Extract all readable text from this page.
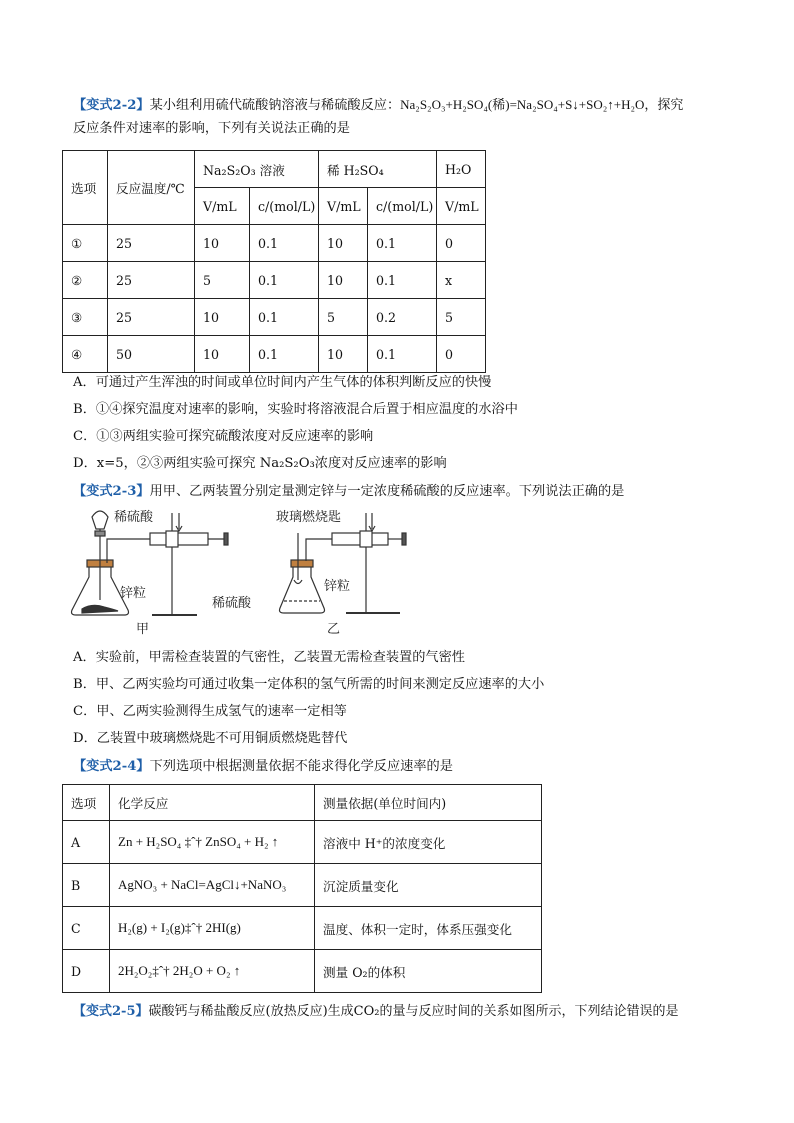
【变式2-2】某小组利用硫代硫酸钠溶液与稀硫酸反应：Na₂S₂O₃+H₂SO₄(稀)=Na₂SO₄+S↓+SO₂↑+H₂O，探究
反应条件对速率的影响，下列有关说法正确的是
选项	反应温度/℃	Na₂S₂O₃ 溶液		稀 H₂SO₄		H₂O
		V/mL	c/(mol/L)	V/mL	c/(mol/L)	V/mL
①	25	10	0.1	10	0.1	0
②	25	5	0.1	10	0.1	x
③	25	10	0.1	5	0.2	5
④	50	10	0.1	10	0.1	0
A．可通过产生浑浊的时间或单位时间内产生气体的体积判断反应的快慢
B．①④探究温度对速率的影响，实验时将溶液混合后置于相应温度的水浴中
C．①③两组实验可探究硫酸浓度对反应速率的影响
D．x=5，②③两组实验可探究 Na₂S₂O₃浓度对反应速率的影响
【变式2-3】用甲、乙两装置分别定量测定锌与一定浓度稀硫酸的反应速率。下列说法正确的是
稀硫酸
锌粒
甲
玻璃燃烧匙
锌粒
稀硫酸
乙
A．实验前，甲需检查装置的气密性，乙装置无需检查装置的气密性
B．甲、乙两实验均可通过收集一定体积的氢气所需的时间来测定反应速率的大小
C．甲、乙两实验测得生成氢气的速率一定相等
D．乙装置中玻璃燃烧匙不可用铜质燃烧匙替代
【变式2-4】下列选项中根据测量依据不能求得化学反应速率的是
选项	化学反应	测量依据(单位时间内)
A	Zn + H₂SO₄ ‡ˆ† ZnSO₄ + H₂ ↑	溶液中 H⁺的浓度变化
B	AgNO₃ + NaCl=AgCl↓+NaNO₃	沉淀质量变化
C	H₂(g) + I₂(g)‡ˆ† 2HI(g)	温度、体积一定时，体系压强变化
D	2H₂O₂‡ˆ† 2H₂O + O₂ ↑	测量 O₂的体积
【变式2-5】碳酸钙与稀盐酸反应(放热反应)生成CO₂的量与反应时间的关系如图所示，下列结论错误的是
